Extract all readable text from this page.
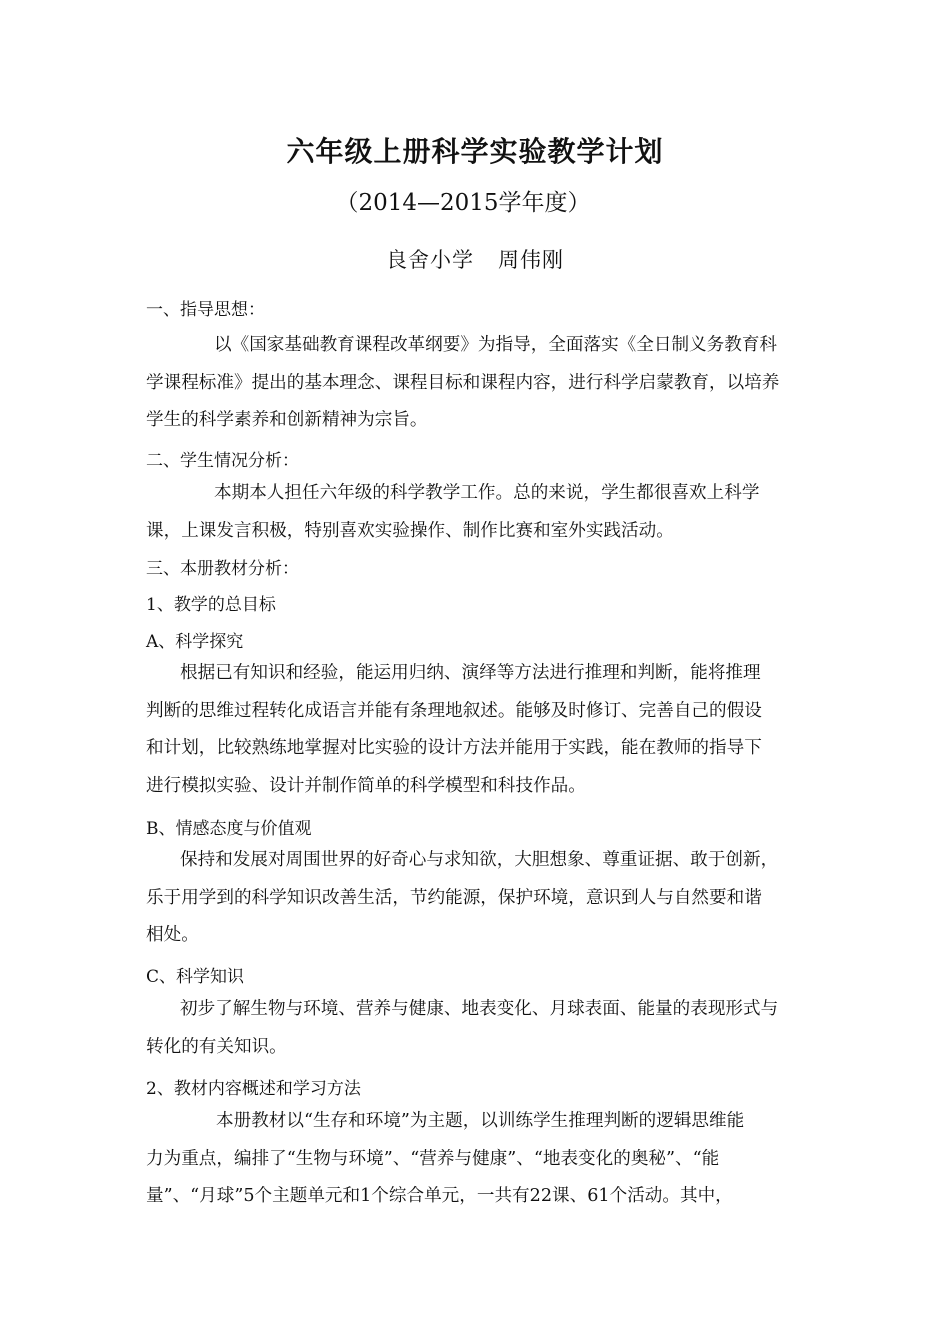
六年级上册科学实验教学计划
（2014—2015学年度）
良舍小学 周伟刚
一、指导思想：
以《国家基础教育课程改革纲要》为指导，全面落实《全日制义务教育科
学课程标准》提出的基本理念、课程目标和课程内容，进行科学启蒙教育，以培养
学生的科学素养和创新精神为宗旨。
二、学生情况分析：
本期本人担任六年级的科学教学工作。总的来说，学生都很喜欢上科学
课，上课发言积极，特别喜欢实验操作、制作比赛和室外实践活动。
三、本册教材分析：
1、教学的总目标
A、科学探究
根据已有知识和经验，能运用归纳、演绎等方法进行推理和判断，能将推理
判断的思维过程转化成语言并能有条理地叙述。能够及时修订、完善自己的假设
和计划，比较熟练地掌握对比实验的设计方法并能用于实践，能在教师的指导下
进行模拟实验、设计并制作简单的科学模型和科技作品。
B、情感态度与价值观
保持和发展对周围世界的好奇心与求知欲，大胆想象、尊重证据、敢于创新，
乐于用学到的科学知识改善生活，节约能源，保护环境，意识到人与自然要和谐
相处。
C、科学知识
初步了解生物与环境、营养与健康、地表变化、月球表面、能量的表现形式与
转化的有关知识。
2、教材内容概述和学习方法
本册教材以“生存和环境”为主题，以训练学生推理判断的逻辑思维能
力为重点，编排了“生物与环境”、“营养与健康”、“地表变化的奥秘”、“能
量”、“月球”5个主题单元和1个综合单元，一共有22课、61个活动。其中，
